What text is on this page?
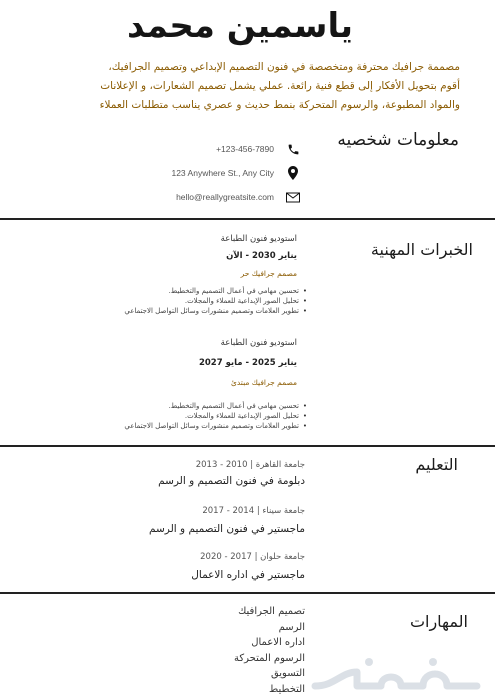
ياسمين محمد
مصممة جرافيك محترفة ومتخصصة في فنون التصميم الإبداعي وتصميم الجرافيك،
أقوم بتحويل الأفكار إلى قطع فنية رائعة. عملي يشمل تصميم الشعارات، و الإعلانات
والمواد المطبوعة، والرسوم المتحركة بنمط حديث و عصري يناسب متطلبات العملاء
معلومات شخصيه
+123-456-7890
123 Anywhere St., Any City
hello@reallygreatsite.com
الخبرات المهنية
استوديو فنون الطباعة
يناير 2030 - الآن
مصمم جرافيك حر
• تحسين مهامي في أعمال التصميم والتخطيط.
• تحليل الصور الإبداعية للعملاء والمجلات.
• تطوير العلامات وتصميم منشورات وسائل التواصل الاجتماعي
استوديو فنون الطباعة
يناير 2025 - مايو 2027
مصمم جرافيك مبتدئ
• تحسين مهامي في أعمال التصميم والتخطيط.
• تحليل الصور الإبداعية للعملاء والمجلات.
• تطوير العلامات وتصميم منشورات وسائل التواصل الاجتماعي
التعليم
جامعة القاهرة | 2010 - 2013
دبلومة في فنون التصميم و الرسم
جامعة سيناء | 2014 - 2017
ماجستير في فنون التصميم و الرسم
جامعة حلوان | 2017 - 2020
ماجستير في اداره الاعمال
المهارات
تصميم الجرافيك
الرسم
اداره الاعمال
الرسوم المتحركة
التسويق
التخطيط
